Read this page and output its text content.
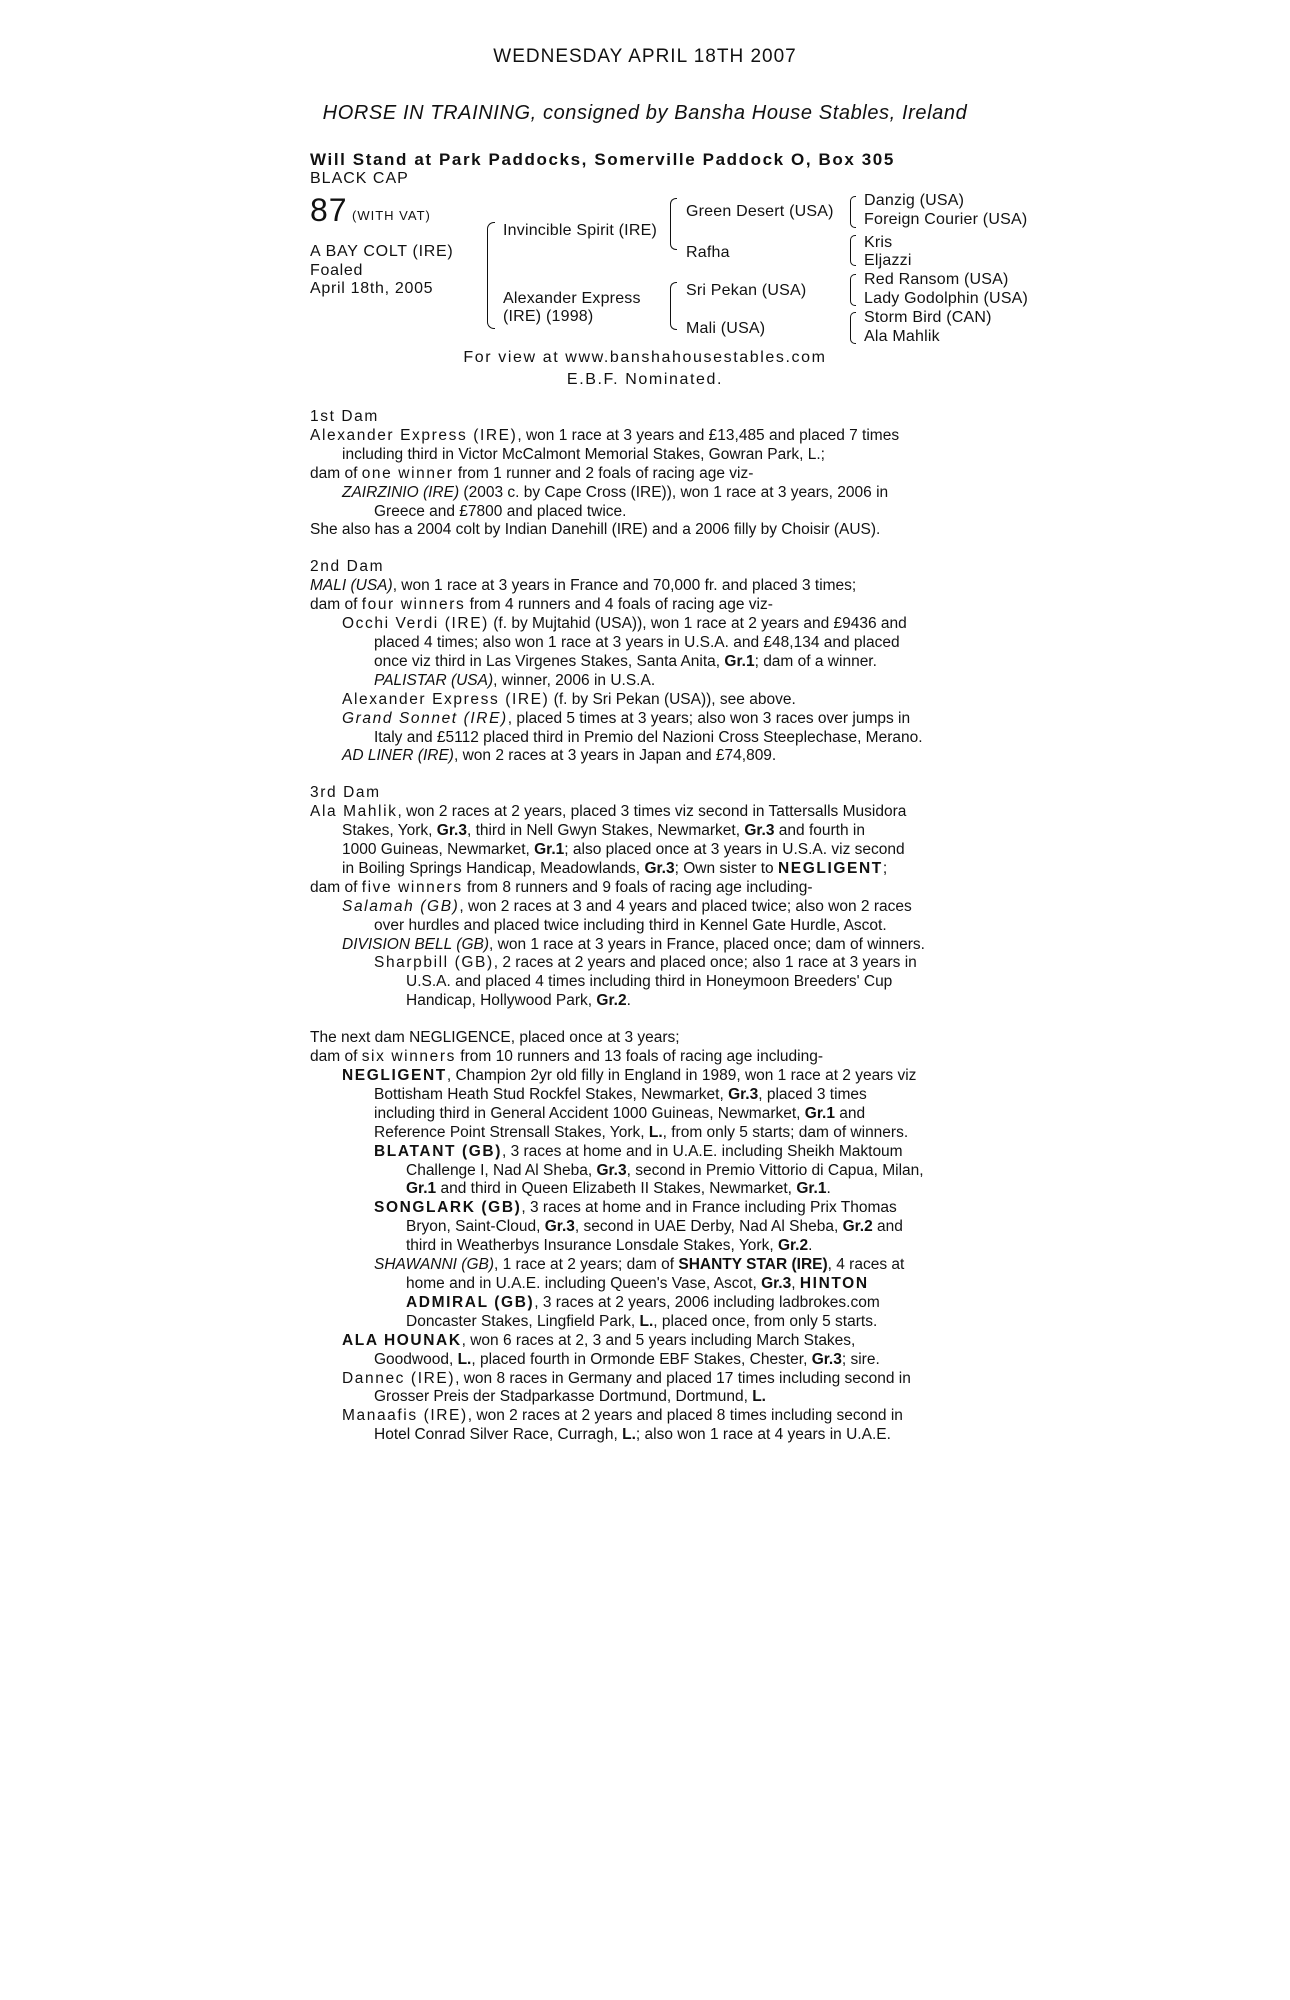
WEDNESDAY APRIL 18TH 2007
HORSE IN TRAINING, consigned by Bansha House Stables, Ireland
Will Stand at Park Paddocks, Somerville Paddock O, Box 305
BLACK CAP
87 (WITH VAT)
A BAY COLT (IRE)
Foaled
April 18th, 2005
Invincible Spirit (IRE)
Alexander Express
(IRE) (1998)
Green Desert (USA)
Rafha
Sri Pekan (USA)
Mali (USA)
Danzig (USA)
Foreign Courier (USA)
Kris
Eljazzi
Red Ransom (USA)
Lady Godolphin (USA)
Storm Bird (CAN)
Ala Mahlik
For view at www.banshahousestables.com
E.B.F. Nominated.
1st Dam
Alexander Express (IRE), won 1 race at 3 years and £13,485 and placed 7 times
including third in Victor McCalmont Memorial Stakes, Gowran Park, L.;
dam of one winner from 1 runner and 2 foals of racing age viz-
ZAIRZINIO (IRE) (2003 c. by Cape Cross (IRE)), won 1 race at 3 years, 2006 in
Greece and £7800 and placed twice.
She also has a 2004 colt by Indian Danehill (IRE) and a 2006 filly by Choisir (AUS).
2nd Dam
MALI (USA), won 1 race at 3 years in France and 70,000 fr. and placed 3 times;
dam of four winners from 4 runners and 4 foals of racing age viz-
Occhi Verdi (IRE) (f. by Mujtahid (USA)), won 1 race at 2 years and £9436 and
placed 4 times; also won 1 race at 3 years in U.S.A. and £48,134 and placed
once viz third in Las Virgenes Stakes, Santa Anita, Gr.1; dam of a winner.
PALISTAR (USA), winner, 2006 in U.S.A.
Alexander Express (IRE) (f. by Sri Pekan (USA)), see above.
Grand Sonnet (IRE), placed 5 times at 3 years; also won 3 races over jumps in
Italy and £5112 placed third in Premio del Nazioni Cross Steeplechase, Merano.
AD LINER (IRE), won 2 races at 3 years in Japan and £74,809.
3rd Dam
Ala Mahlik, won 2 races at 2 years, placed 3 times viz second in Tattersalls Musidora
Stakes, York, Gr.3, third in Nell Gwyn Stakes, Newmarket, Gr.3 and fourth in
1000 Guineas, Newmarket, Gr.1; also placed once at 3 years in U.S.A. viz second
in Boiling Springs Handicap, Meadowlands, Gr.3; Own sister to NEGLIGENT;
dam of five winners from 8 runners and 9 foals of racing age including-
Salamah (GB), won 2 races at 3 and 4 years and placed twice; also won 2 races
over hurdles and placed twice including third in Kennel Gate Hurdle, Ascot.
DIVISION BELL (GB), won 1 race at 3 years in France, placed once; dam of winners.
Sharpbill (GB), 2 races at 2 years and placed once; also 1 race at 3 years in
U.S.A. and placed 4 times including third in Honeymoon Breeders' Cup
Handicap, Hollywood Park, Gr.2.
The next dam NEGLIGENCE, placed once at 3 years;
dam of six winners from 10 runners and 13 foals of racing age including-
NEGLIGENT, Champion 2yr old filly in England in 1989, won 1 race at 2 years viz
Bottisham Heath Stud Rockfel Stakes, Newmarket, Gr.3, placed 3 times
including third in General Accident 1000 Guineas, Newmarket, Gr.1 and
Reference Point Strensall Stakes, York, L., from only 5 starts; dam of winners.
BLATANT (GB), 3 races at home and in U.A.E. including Sheikh Maktoum
Challenge I, Nad Al Sheba, Gr.3, second in Premio Vittorio di Capua, Milan,
Gr.1 and third in Queen Elizabeth II Stakes, Newmarket, Gr.1.
SONGLARK (GB), 3 races at home and in France including Prix Thomas
Bryon, Saint-Cloud, Gr.3, second in UAE Derby, Nad Al Sheba, Gr.2 and
third in Weatherbys Insurance Lonsdale Stakes, York, Gr.2.
SHAWANNI (GB), 1 race at 2 years; dam of SHANTY STAR (IRE), 4 races at
home and in U.A.E. including Queen's Vase, Ascot, Gr.3, HINTON
ADMIRAL (GB), 3 races at 2 years, 2006 including ladbrokes.com
Doncaster Stakes, Lingfield Park, L., placed once, from only 5 starts.
ALA HOUNAK, won 6 races at 2, 3 and 5 years including March Stakes,
Goodwood, L., placed fourth in Ormonde EBF Stakes, Chester, Gr.3; sire.
Dannec (IRE), won 8 races in Germany and placed 17 times including second in
Grosser Preis der Stadparkasse Dortmund, Dortmund, L.
Manaafis (IRE), won 2 races at 2 years and placed 8 times including second in
Hotel Conrad Silver Race, Curragh, L.; also won 1 race at 4 years in U.A.E.
